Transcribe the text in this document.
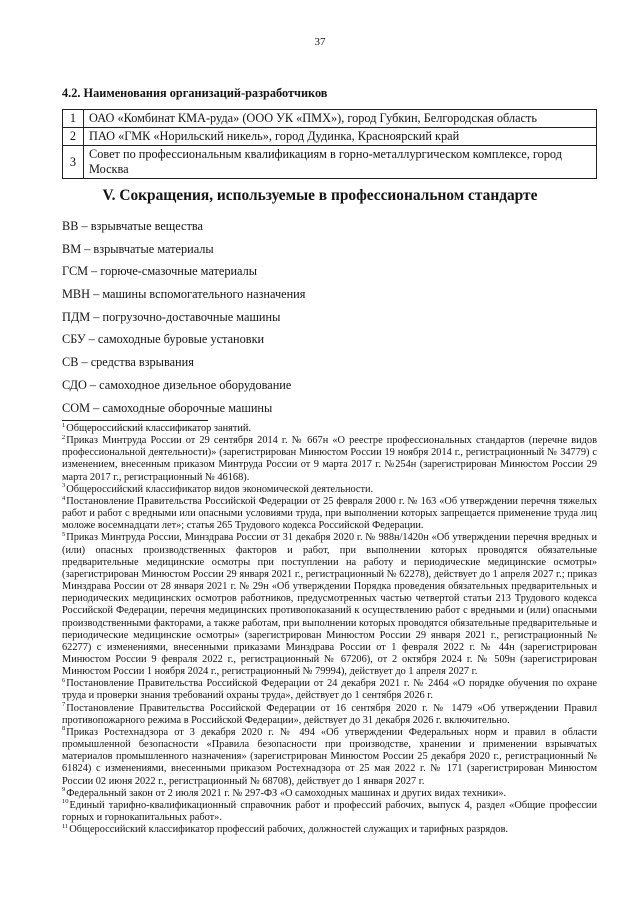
37
4.2. Наименования организаций-разработчиков
1	ОАО «Комбинат КМА-руда» (ООО УК «ПМХ»), город Губкин, Белгородская область
2	ПАО «ГМК «Норильский никель», город Дудинка, Красноярский край
3	Совет по профессиональным квалификациям в горно-металлургическом комплексе, город Москва
V. Сокращения, используемые в профессиональном стандарте
ВВ – взрывчатые вещества
ВМ – взрывчатые материалы
ГСМ – горюче-смазочные материалы
МВН – машины вспомогательного назначения
ПДМ – погрузочно-доставочные машины
СБУ – самоходные буровые установки
СВ – средства взрывания
СДО – самоходное дизельное оборудование
СОМ – самоходные оборочные машины

$^1$Общероссийский классификатор занятий.

$^2$Приказ Минтруда России от 29 сентября 2014 г. № 667н «О реестре профессиональных стандартов (перечне видов профессиональной деятельности)» (зарегистрирован Минюстом России 19 ноября 2014 г., регистрационный № 34779) с изменением, внесенным приказом Минтруда России от 9 марта 2017 г. №254н (зарегистрирован Минюстом России 29 марта 2017 г., регистрационный № 46168).

$^3$Общероссийский классификатор видов экономической деятельности.

$^4$Постановление Правительства Российской Федерации от 25 февраля 2000 г. № 163 «Об утверждении перечня тяжелых работ и работ с вредными или опасными условиями труда, при выполнении которых запрещается применение труда лиц моложе восемнадцати лет»; статья 265 Трудового кодекса Российской Федерации.

$^5$Приказ Минтруда России, Минздрава России от 31 декабря 2020 г. № 988н/1420н «Об утверждении перечня вредных и (или) опасных производственных факторов и работ, при выполнении которых проводятся обязательные предварительные медицинские осмотры при поступлении на работу и периодические медицинские осмотры» (зарегистрирован Минюстом России 29 января 2021 г., регистрационный № 62278), действует до 1 апреля 2027 г.; приказ Минздрава России от 28 января 2021 г. № 29н «Об утверждении Порядка проведения обязательных предварительных и периодических медицинских осмотров работников, предусмотренных частью четвертой статьи 213 Трудового кодекса Российской Федерации, перечня медицинских противопоказаний к осуществлению работ с вредными и (или) опасными производственными факторами, а также работам, при выполнении которых проводятся обязательные предварительные и периодические медицинские осмотры» (зарегистрирован Минюстом России 29 января 2021 г., регистрационный № 62277) с изменениями, внесенными приказами Минздрава России от 1 февраля 2022 г. № 44н (зарегистрирован Минюстом России 9 февраля 2022 г., регистрационный № 67206), от 2 октября 2024 г. № 509н (зарегистрирован Минюстом России 1 ноября 2024 г., регистрационный № 79994), действует до 1 апреля 2027 г.

$^6$Постановление Правительства Российской Федерации от 24 декабря 2021 г. № 2464 «О порядке обучения по охране труда и проверки знания требований охраны труда», действует до 1 сентября 2026 г.

$^7$Постановление Правительства Российской Федерации от 16 сентября 2020 г. № 1479 «Об утверждении Правил противопожарного режима в Российской Федерации», действует до 31 декабря 2026 г. включительно.

$^8$Приказ Ростехнадзора от 3 декабря 2020 г. № 494 «Об утверждении Федеральных норм и правил в области промышленной безопасности «Правила безопасности при производстве, хранении и применении взрывчатых материалов промышленного назначения» (зарегистрирован Минюстом России 25 декабря 2020 г., регистрационный № 61824) с изменениями, внесенными приказом Ростехнадзора от 25 мая 2022 г. № 171 (зарегистрирован Минюстом России 02 июня 2022 г., регистрационный № 68708), действует до 1 января 2027 г.

$^9$Федеральный закон от 2 июля 2021 г. № 297-ФЗ «О самоходных машинах и других видах техники».

$^{10}$Единый тарифно-квалификационный справочник работ и профессий рабочих, выпуск 4, раздел «Общие профессии горных и горнокапитальных работ».

$^{11}$Общероссийский классификатор профессий рабочих, должностей служащих и тарифных разрядов.
